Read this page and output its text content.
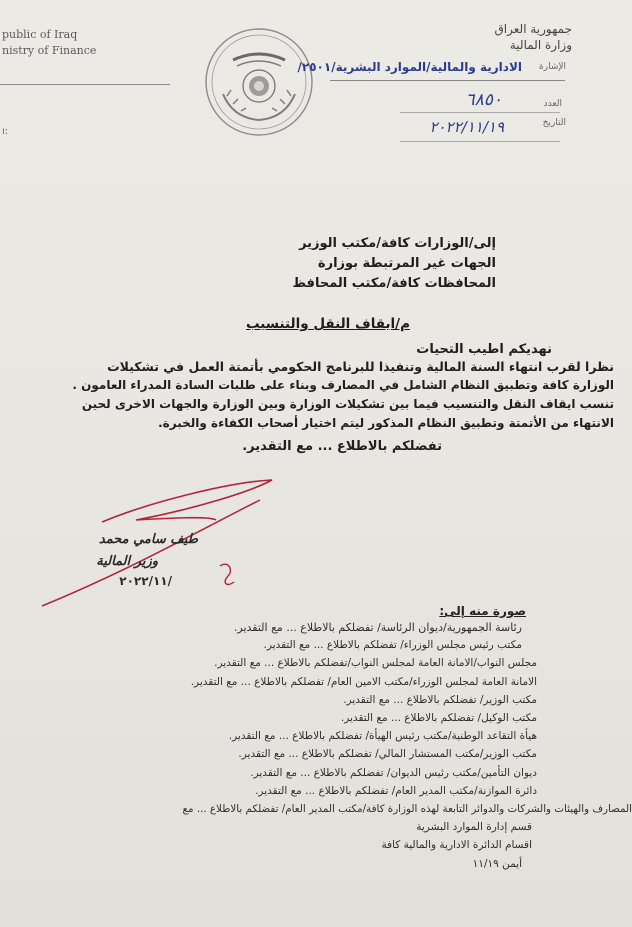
public of Iraq
nistry of Finance
ı:
جمهورية العراق
وزارة المالية
الإشارة
الادارية والمالية/الموارد البشرية/٢٥٠١/
العدد
٦٨٥٠
التاريخ
٢٠٢٢/١١/١٩
إلى/الوزارات كافة/مكتب الوزير
الجهات غير المرتبطة بوزارة
المحافظات كافة/مكتب المحافظ
م/ايقاف النقل والتنسيب
نهديكم اطيب التحيات
نظرا لقرب انتهاء السنة المالية وتنفيذا للبرنامج الحكومي بأتمتة العمل في تشكيلات
الوزارة كافة وتطبيق النظام الشامل في المصارف وبناء على طلبات السادة المدراء العامون .
تنسب ايقاف النقل والتنسيب فيما بين تشكيلات الوزارة وبين الوزارة والجهات الاخرى لحين
الانتهاء من الأتمتة وتطبيق النظام المذكور ليتم اختيار أصحاب الكفاءة والخبرة.
تفضلكم بالاطلاع ... مع التقدير.
طيف سامي محمد
وزير المالية
٢٠٢٢/١١/
صورة منه إلى:
رئاسة الجمهورية/ديوان الرئاسة/ تفضلكم بالاطلاع ... مع التقدير.
مكتب رئيس مجلس الوزراء/ تفضلكم بالاطلاع ... مع التقدير.
مجلس النواب/الامانة العامة لمجلس النواب/تفضلكم بالاطلاع ... مع التقدير.
الامانة العامة لمجلس الوزراء/مكتب الامين العام/ تفضلكم بالاطلاع ... مع التقدير.
مكتب الوزير/ تفضلكم بالاطلاع ... مع التقدير.
مكتب الوكيل/ تفضلكم بالاطلاع ... مع التقدير.
هيأة التقاعد الوطنية/مكتب رئيس الهيأة/ تفضلكم بالاطلاع ... مع التقدير.
مكتب الوزير/مكتب المستشار المالي/ تفضلكم بالاطلاع ... مع التقدير.
ديوان التأمين/مكتب رئيس الديوان/ تفضلكم بالاطلاع ... مع التقدير.
دائرة الموازنة/مكتب المدير العام/ تفضلكم بالاطلاع ... مع التقدير.
المصارف والهيئات والشركات والدوائر التابعة لهذه الوزارة كافة/مكتب المدير العام/ تفضلكم بالاطلاع ... مع
قسم إدارة الموارد البشرية
اقسام الدائرة الادارية والمالية كافة
أيمن ١١/١٩
